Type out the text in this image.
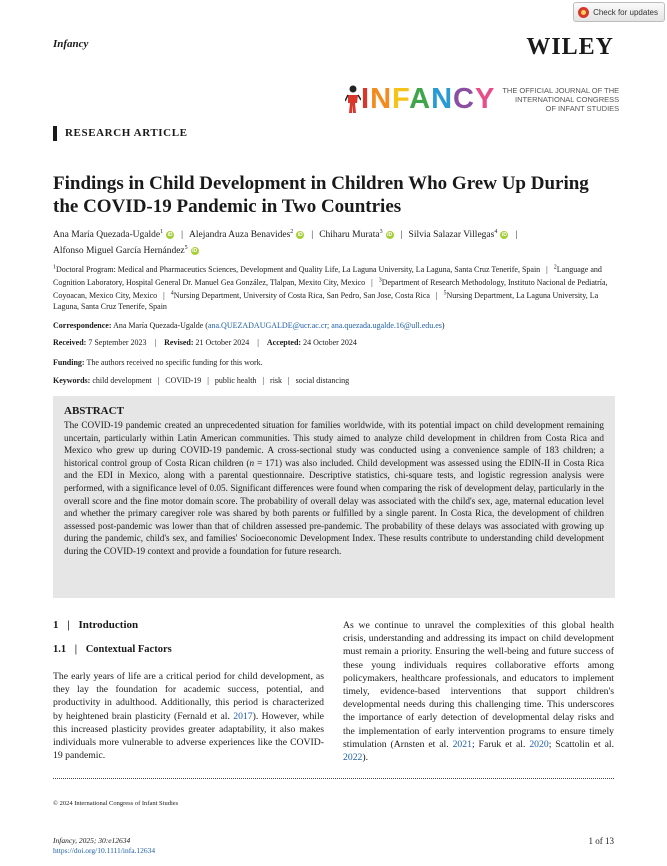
Check for updates
Infancy	WILEY
INFANCY THE OFFICIAL JOURNAL OF THE
INTERNATIONAL CONGRESS
OF INFANT STUDIES
RESEARCH ARTICLE
Findings in Child Development in Children Who Grew Up During the COVID-19 Pandemic in Two Countries
Ana María Quezada-Ugalde$^1$iD | Alejandra Auza Benavides$^2$iD | Chiharu Murata$^3$iD | Silvia Salazar Villegas$^4$iD |
Alfonso Miguel García Hernández$^5$iD
$^1$Doctoral Program: Medical and Pharmaceutics Sciences, Development and Quality Life, La Laguna University, La Laguna, Santa Cruz Tenerife, Spain | $^2$Language and Cognition Laboratory, Hospital General Dr. Manuel Gea González, Tlalpan, Mexito City, Mexico | $^3$Department of Research Methodology, Instituto Nacional de Pediatría, Coyoacan, Mexico City, Mexico | $^4$Nursing Department, University of Costa Rica, San Pedro, San Jose, Costa Rica | $^5$Nursing Department, La Laguna University, La Laguna, Santa Cruz Tenerife, Spain
Correspondence: Ana María Quezada-Ugalde (ana.QUEZADAUGALDE@ucr.ac.cr; ana.quezada.ugalde.16@ull.edu.es)
Received: 7 September 2023 | Revised: 21 October 2024 | Accepted: 24 October 2024
Funding: The authors received no specific funding for this work.
Keywords: child development | COVID-19 | public health | risk | social distancing
ABSTRACT
The COVID-19 pandemic created an unprecedented situation for families worldwide, with its potential impact on child development remaining uncertain, particularly within Latin American communities. This study aimed to analyze child development in children from Costa Rica and Mexico who grew up during COVID-19 pandemic. A cross-sectional study was conducted using a convenience sample of 183 children; a historical control group of Costa Rican children (n = 171) was also included. Child development was assessed using the EDIN-II in Costa Rica and the EDI in Mexico, along with a parental questionnaire. Descriptive statistics, chi-square tests, and logistic regression analysis were performed, with a significance level of 0.05. Significant differences were found when comparing the risk of development delay, particularly in the overall score and the fine motor domain score. The probability of overall delay was associated with the child's sex, age, maternal education level and whether the primary caregiver role was shared by both parents or fulfilled by a single parent. In Costa Rica, the development of children assessed post-pandemic was lower than that of children assessed pre-pandemic. The probability of these delays was associated with growing up during the pandemic, child's sex, and families' Socioeconomic Development Index. These results contribute to understanding child development during the COVID-19 context and provide a foundation for future research.
1 | Introduction
1.1 | Contextual Factors
The early years of life are a critical period for child development, as they lay the foundation for academic success, potential, and productivity in adulthood. Additionally, this period is characterized by heightened brain plasticity (Fernald et al. 2017). However, while this increased plasticity provides greater adaptability, it also makes individuals more vulnerable to adverse experiences like the COVID-19 pandemic.
As we continue to unravel the complexities of this global health crisis, understanding and addressing its impact on child development must remain a priority. Ensuring the well-being and future success of these young individuals requires collaborative efforts among policymakers, healthcare professionals, and educators to implement timely, evidence-based interventions that support children's developmental needs during this challenging time. This underscores the importance of early detection of developmental delay risks and the implementation of early intervention programs to ensure timely stimulation (Arnsten et al. 2021; Faruk et al. 2020; Scattolin et al. 2022).
© 2024 International Congress of Infant Studies
Infancy, 2025; 30:e12634
https://doi.org/10.1111/infa.12634
1 of 13
